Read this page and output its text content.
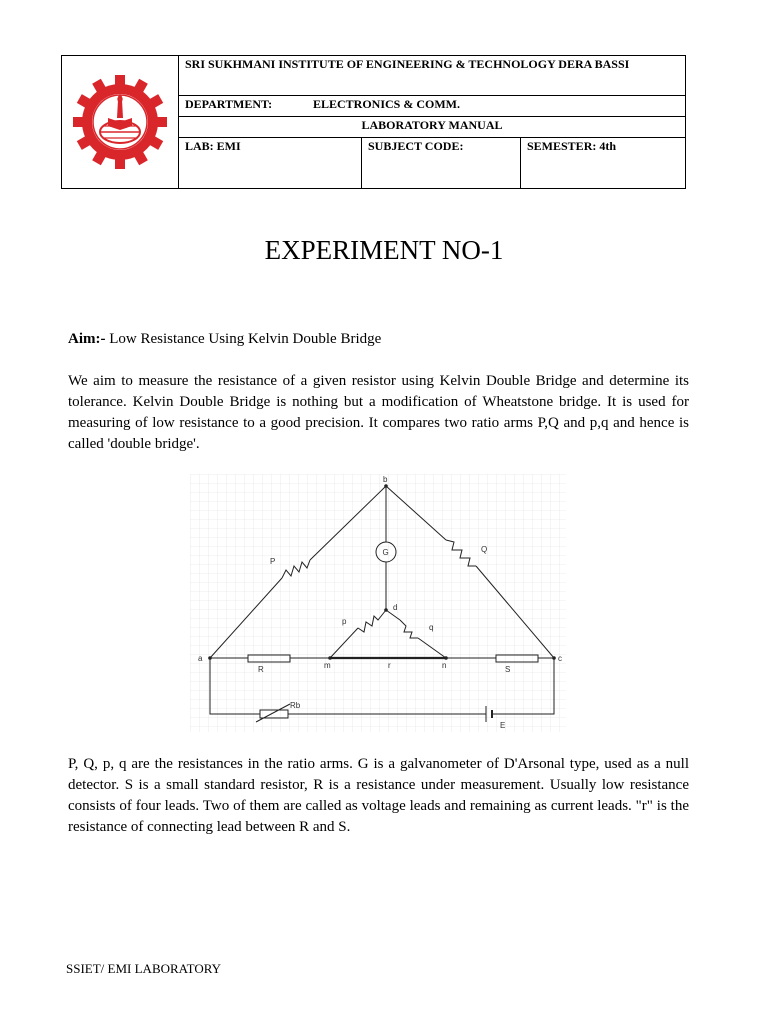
	SRI SUKHMANI INSTITUTE OF ENGINEERING & TECHNOLOGY DERA BASSI		
	DEPARTMENT: ELECTRONICS & COMM.		
	LABORATORY MANUAL		
	LAB: EMI	SUBJECT CODE:	SEMESTER: 4th
EXPERIMENT NO-1
Aim:- Low Resistance Using Kelvin Double Bridge
We aim to measure the resistance of a given resistor using Kelvin Double Bridge and determine its tolerance. Kelvin Double Bridge is nothing but a modification of Wheatstone bridge. It is used for measuring of low resistance to a good precision. It compares two ratio arms P,Q and p,q and hence is called 'double bridge'.
a
b
c
d
m	n
r
P
Q
p
q
R	S
G
Rb
E
P, Q, p, q are the resistances in the ratio arms. G is a galvanometer of D'Arsonal type, used as a null detector. S is a small standard resistor, R is a resistance under measurement. Usually low resistance consists of four leads. Two of them are called as voltage leads and remaining as current leads. "r" is the resistance of connecting lead between R and S.
SSIET/ EMI LABORATORY
